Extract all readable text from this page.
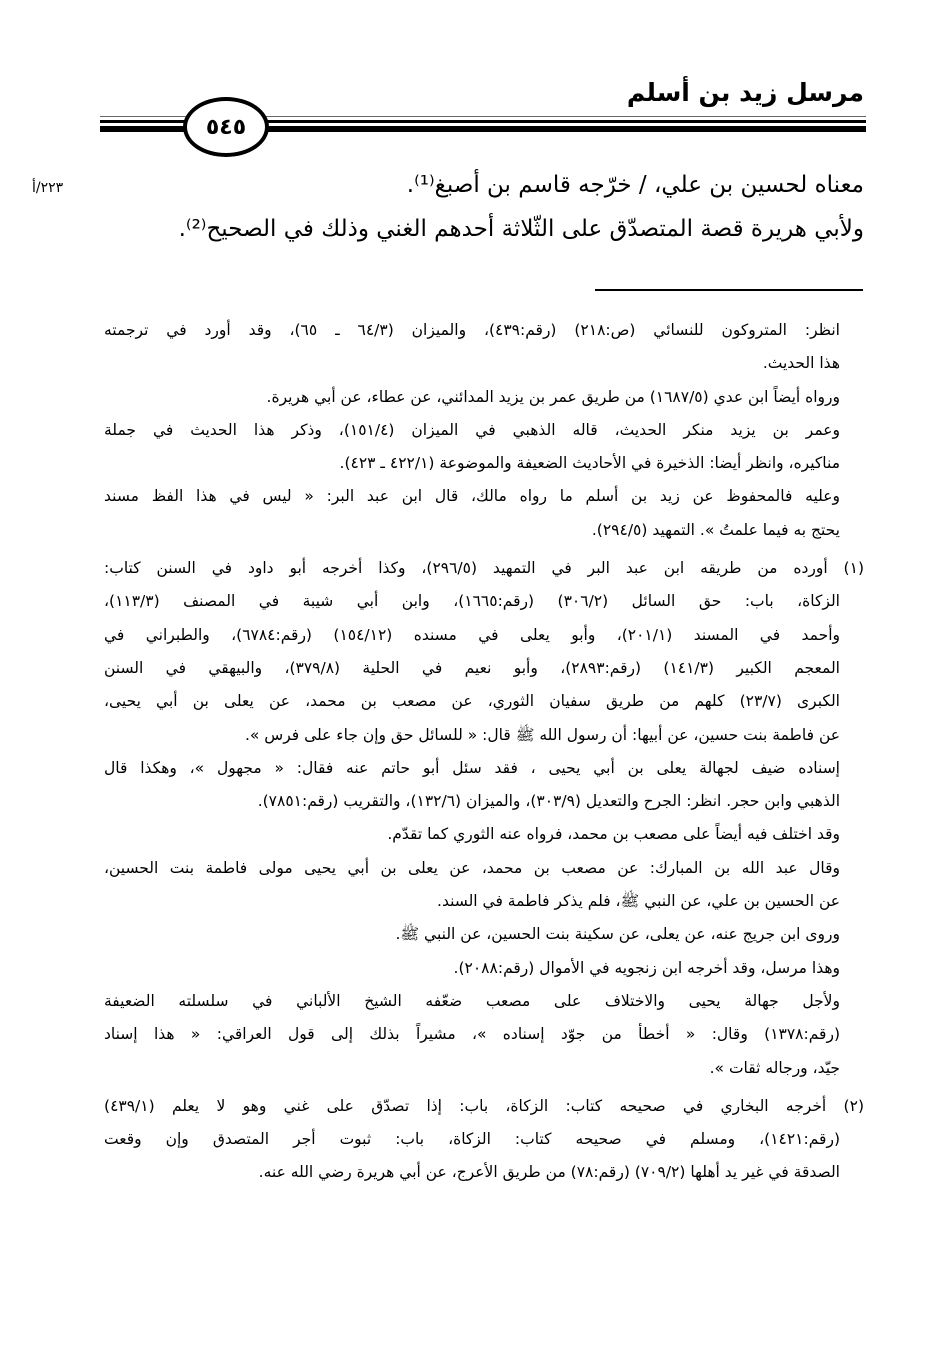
مرسل زيد بن أسلم
٥٤٥
٢٢٣/أ	معناه لحسين بن علي، / خرّجه قاسم بن أصبغ⁽¹⁾.
ولأبي هريرة قصة المتصدّق على الثّلاثة أحدهم الغني وذلك في الصحيح⁽²⁾.
انظر: المتروكون للنسائي (ص:٢١٨) (رقم:٤٣٩)، والميزان (٦٤/٣ ـ ٦٥)، وقد أورد في ترجمته
هذا الحديث.
ورواه أيضاً ابن عدي (١٦٨٧/٥) من طريق عمر بن يزيد المدائني، عن عطاء، عن أبي هريرة.
وعمر بن يزيد منكر الحديث، قاله الذهبي في الميزان (١٥١/٤)، وذكر هذا الحديث في جملة
مناكيره، وانظر أيضا: الذخيرة في الأحاديث الضعيفة والموضوعة (٤٢٢/١ ـ ٤٢٣).
وعليه فالمحفوظ عن زيد بن أسلم ما رواه مالك، قال ابن عبد البر: « ليس في هذا الفظ مسند
يحتج به فيما علمتُ ». التمهيد (٢٩٤/٥).
(١) أورده من طريقه ابن عبد البر في التمهيد (٢٩٦/٥)، وكذا أخرجه أبو داود في السنن كتاب:
الزكاة، باب: حق السائل (٣٠٦/٢) (رقم:١٦٦٥)، وابن أبي شيبة في المصنف (١١٣/٣)،
وأحمد في المسند (٢٠١/١)، وأبو يعلى في مسنده (١٥٤/١٢) (رقم:٦٧٨٤)، والطبراني في
المعجم الكبير (١٤١/٣) (رقم:٢٨٩٣)، وأبو نعيم في الحلية (٣٧٩/٨)، والبيهقي في السنن
الكبرى (٢٣/٧) كلهم من طريق سفيان الثوري، عن مصعب بن محمد، عن يعلى بن أبي يحيى،
عن فاطمة بنت حسين، عن أبيها: أن رسول الله ﷺ قال: « للسائل حق وإن جاء على فرس ».
إسناده ضيف لجهالة يعلى بن أبي يحيى ، فقد سئل أبو حاتم عنه فقال: « مجهول »، وهكذا قال
الذهبي وابن حجر. انظر: الجرح والتعديل (٣٠٣/٩)، والميزان (١٣٢/٦)، والتقريب (رقم:٧٨٥١).
وقد اختلف فيه أيضاً على مصعب بن محمد، فرواه عنه الثوري كما تقدّم.
وقال عبد الله بن المبارك: عن مصعب بن محمد، عن يعلى بن أبي يحيى مولى فاطمة بنت الحسين،
عن الحسين بن علي، عن النبي ﷺ، فلم يذكر فاطمة في السند.
وروى ابن جريج عنه، عن يعلى، عن سكينة بنت الحسين، عن النبي ﷺ.
وهذا مرسل، وقد أخرجه ابن زنجويه في الأموال (رقم:٢٠٨٨).
ولأجل جهالة يحيى والاختلاف على مصعب ضعّفه الشيخ الألباني في سلسلته الضعيفة
(رقم:١٣٧٨) وقال: « أخطأ من جوّد إسناده »، مشيراً بذلك إلى قول العراقي: « هذا إسناد
جيّد، ورجاله ثقات ».
(٢) أخرجه البخاري في صحيحه كتاب: الزكاة، باب: إذا تصدّق على غني وهو لا يعلم (٤٣٩/١)
(رقم:١٤٢١)، ومسلم في صحيحه كتاب: الزكاة، باب: ثبوت أجر المتصدق وإن وقعت
الصدقة في غير يد أهلها (٧٠٩/٢) (رقم:٧٨) من طريق الأعرج، عن أبي هريرة رضي الله عنه.
